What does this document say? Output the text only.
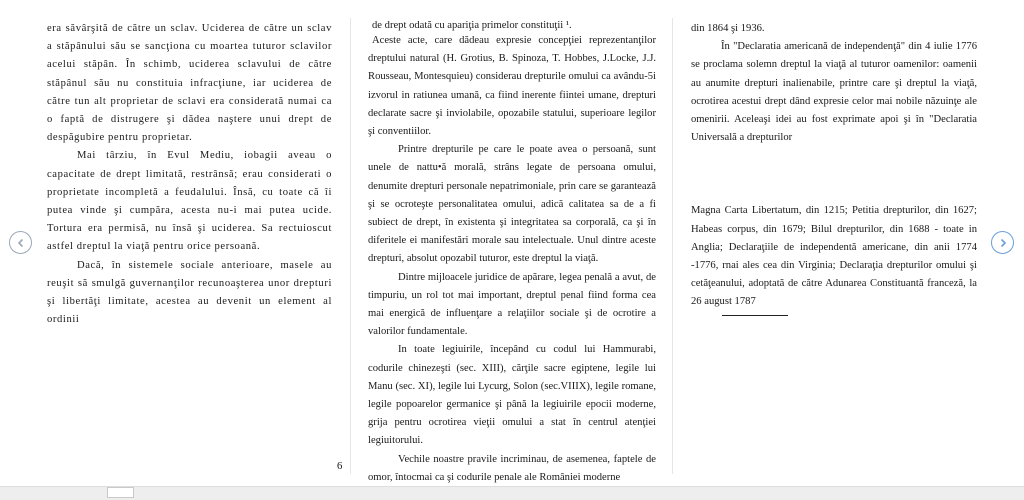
era săvârşită de către un sclav. Uciderea de către un sclav a stăpânului său se sancţiona cu moartea tuturor sclavilor acelui stăpân. În schimb, uciderea sclavului de către stăpânul său nu constituia infracţiune, iar uciderea de către tun alt proprietar de sclavi era considerată numai ca o faptă de distrugere şi dădea naştere unui drept de despăgubire pentru proprietar.

Mai târziu, în Evul Mediu, iobagii aveau o capacitate de drept limitată, restrânsă; erau considerati o proprietate incompletă a feudalului. Însă, cu toate că îi putea vinde şi cumpăra, acesta nu-i mai putea ucide. Tortura era permisă, nu însă şi uciderea. Sa rectuioscut astfel dreptul la viaţă pentru orice persoană.

Dacă, în sistemele sociale anterioare, masele au reuşit să smulgă guvernanţilor recunoaşterea unor drepturi şi libertăţi limitate, acestea au devenit un element al ordinii

de drept odată cu apariţia primelor constituţii ¹.

Aceste acte, care dădeau expresie concepţiei reprezentanţilor dreptului natural (H. Grotius, B. Spinoza, T. Hobbes, J.Locke, J.J. Rousseau, Montesquieu) considerau drepturile omului ca avându-5i izvorul in ratiunea umană, ca fiind inerente fiintei umane, drepturi declarate sacre şi inviolabile, opozabile statului, superioare legilor şi conventiilor.

Printre drepturile pe care le poate avea o persoană, sunt unele de nattu•ă morală, strâns legate de persoana omului, denumite drepturi personale nepatrimoniale, prin care se garantează şi se ocroteşte personalitatea omului, adică calitatea sa de a fi subiect de drept, în existenta şi integritatea sa corporală, ca şi în diferitele ei manifestări morale sau intelectuale. Unul dintre aceste drepturi, absolut opozabil tuturor, este dreptul la viaţă.

Dintre mijloacele juridice de apărare, legea penală a avut, de timpuriu, un rol tot mai important, dreptul penal fiind forma cea mai energică de influenţare a relaţiilor sociale şi de ocrotire a valorilor fundamentale.

In toate legiuirile, începând cu codul lui Hammurabi, codurile chinezeşti (sec. XIII), cărţile sacre egiptene, legile lui Manu (sec. XI), legile lui Lycurg, Solon (sec.VIIIX), legile romane, legile popoarelor germanice şi până la legiuirile epocii moderne, grija pentru ocrotirea vieţii omului a stat în centrul atenţiei legiuitorului.

Vechile noastre pravile incriminau, de asemenea, faptele de omor, întocmai ca şi codurile penale ale României moderne

6

din 1864 şi 1936.

În "Declaratia americană de independenţă" din 4 iulie 1776 se proclama solemn dreptul la viaţă al tuturor oamenilor: oamenii au anumite drepturi inalienabile, printre care şi dreptul la viaţă, ocrotirea acestui drept dând expresie celor mai nobile năzuinţe ale omenirii. Aceleaşi idei au fost exprimate apoi şi în "Declaratia Universală a drepturilor

Magna Carta Libertatum, din 1215; Petitia drepturilor, din 1627; Habeas corpus, din 1679; Bilul drepturilor, din 1688 - toate in Anglia; Declaraţiile de independentă americane, din anii 1774 -1776, rnai ales cea din Virginia; Declaraţia drepturilor omului şi cetăţeanului, adoptată de către Adunarea Constituantă franceză, la 26 august 1787
